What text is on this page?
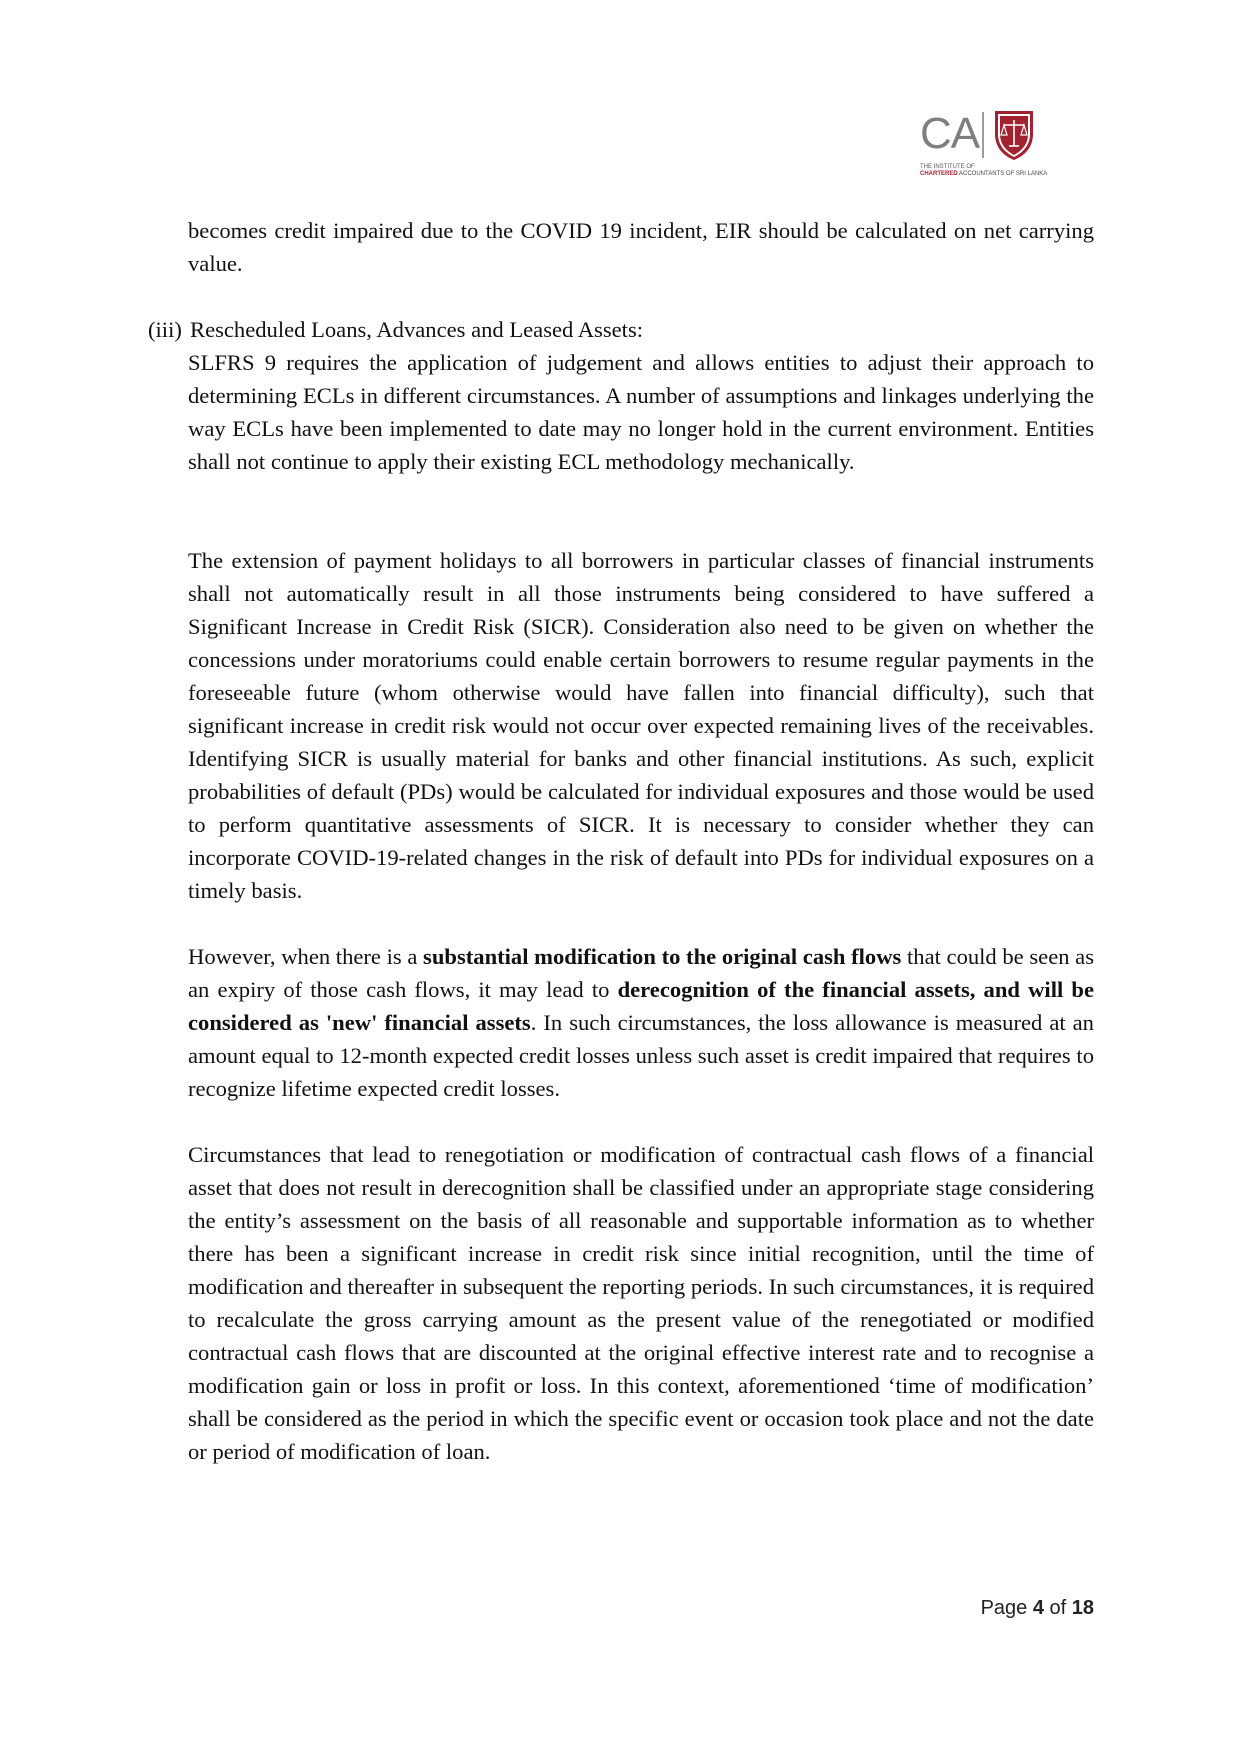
CA
THE INSTITUTE OF
CHARTERED ACCOUNTANTS OF SRI LANKA

becomes credit impaired due to the COVID 19 incident, EIR should be calculated on net carrying value.

(iii) Rescheduled Loans, Advances and Leased Assets:

SLFRS 9 requires the application of judgement and allows entities to adjust their approach to determining ECLs in different circumstances. A number of assumptions and linkages underlying the way ECLs have been implemented to date may no longer hold in the current environment. Entities shall not continue to apply their existing ECL methodology mechanically.

The extension of payment holidays to all borrowers in particular classes of financial instruments shall not automatically result in all those instruments being considered to have suffered a Significant Increase in Credit Risk (SICR). Consideration also need to be given on whether the concessions under moratoriums could enable certain borrowers to resume regular payments in the foreseeable future (whom otherwise would have fallen into financial difficulty), such that significant increase in credit risk would not occur over expected remaining lives of the receivables. Identifying SICR is usually material for banks and other financial institutions. As such, explicit probabilities of default (PDs) would be calculated for individual exposures and those would be used to perform quantitative assessments of SICR. It is necessary to consider whether they can incorporate COVID-19-related changes in the risk of default into PDs for individual exposures on a timely basis.

However, when there is a substantial modification to the original cash flows that could be seen as an expiry of those cash flows, it may lead to derecognition of the financial assets, and will be considered as 'new' financial assets. In such circumstances, the loss allowance is measured at an amount equal to 12-month expected credit losses unless such asset is credit impaired that requires to recognize lifetime expected credit losses.

Circumstances that lead to renegotiation or modification of contractual cash flows of a financial asset that does not result in derecognition shall be classified under an appropriate stage considering the entity’s assessment on the basis of all reasonable and supportable information as to whether there has been a significant increase in credit risk since initial recognition, until the time of modification and thereafter in subsequent the reporting periods. In such circumstances, it is required to recalculate the gross carrying amount as the present value of the renegotiated or modified contractual cash flows that are discounted at the original effective interest rate and to recognise a modification gain or loss in profit or loss. In this context, aforementioned ‘time of modification’ shall be considered as the period in which the specific event or occasion took place and not the date or period of modification of loan.

Page 4 of 18
